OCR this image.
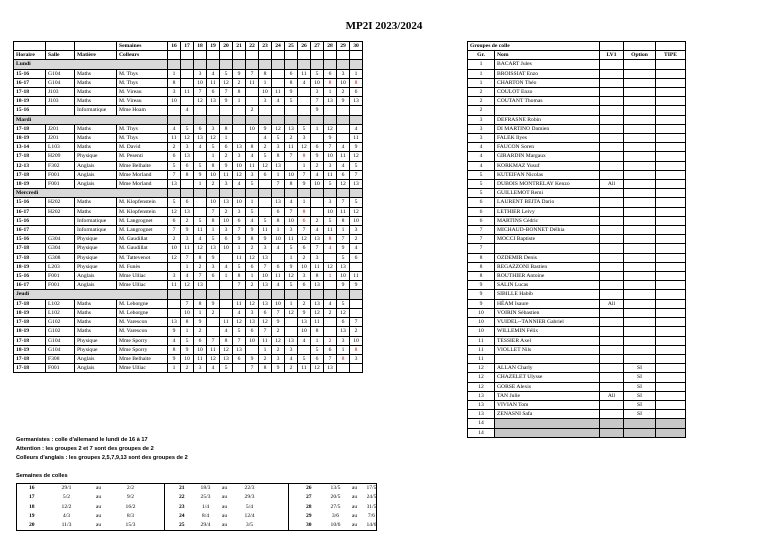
MP2I 2023/2024
			Semaines	16	17	18	19	20	21	22	23	24	25	26	27	28	29	30
Horaire	Salle	Matière	Colleurs															
Lundi																		
15-16	G104	Maths	M. Thys	1		3	4	5	9	7	8		6	11	5	6	3	1
16-17	G104	Maths	M. Thys	8		10	11	12	2	11	1		8	4	10	8	10	8
17-18	J103	Maths	M. Vireau	3	11	7	6	7	8		10	11	9		3	1	2	6
18-19	J103	Maths	M. Vireau	10		12	13	9	1		3	4	5		7	13	9	13
15-16		Informatique	Mme Hoam		4					2					9			
Mardi																		
17-18	J201	Maths	M. Thys	4	5	6	3	8		10	9	12	13	5	1	12		4
18-19	J201	Maths	M. Thys	11	12	13	12	1			4	5	2	3		9		11
13-14	L103	Maths	M. David	2	3	4	5	6	13	8	2	3	11	12	6	7	4	9
17-18	H209	Physique	M. Pesenti	6	13		1	2	3	4	5	8	7	8	9	10	11	12
12-13	F302	Anglais	Mme Belhaite	5	6	5	8	9	10	11	12	13		1	2	3	4	5
17-18	F001	Anglais	Mme Morland	7	8	9	10	11	12	3	6	1	10	7	4	11	6	7
18-19	F001	Anglais	Mme Morland	13		1	2	3	4	5		7	8	9	10	5	12	13
Mercredi																		
15-16	H202	Maths	M. Klopfenstein	5	6		10	13	10	1		13	4	1		3	7	5
16-17	H202	Maths	M. Klopfenstein	12	13		7	2	3	5		6	7	8		10	11	12
15-16		Informatique	M. Langrognet	6	2	5	8	10	6	4	5	8	10	6	2	5	8	10
16-17		Informatique	M. Langrognet	7	9	11	1	3	7	9	11	1	3	7	4	11	1	3
15-16	G304	Physique	M. Gaudillat	2	3	4	5	6	9	8	9	10	11	12	13	8	7	2
17-18	G304	Physique	M. Gaudillat	10	11	12	13	10	1	2	3	4	5	6	7	4	9	4
17-18	G308	Physique	M. Tattevenot	12	7	8	9		11	12	13		1	2	3		5	6
18-19	L203	Physique	M. Funès		1	2	3	4	5	6	7	6	9	10	11	12	13	
15-16	F001	Anglais	Mme Ulliac	3	4	7	6	1	8	1	10	11	12	3	8	1	10	11
16-17	F001	Anglais	Mme Ulliac	11	12	13			7	2	13	4	5	6	13		9	9
Jeudi																		
17-18	L102	Maths	M. Leborgne		7	8	9		11	12	13	10	1	2	13	4	5	
18-19	L102	Maths	M. Leborgne		10	1	2		4	3	6	7	12	9	12	2	12	
17-18	G102	Maths	M. Varescon	13	8	9		11	12	13	12	9		13	11		6	7
18-19	G102	Maths	M. Varescon	9	1	2		4	5	6	7	2		10	8		13	2
17-18	G104	Physique	Mme Sporry	4	5	6	7	8	7	10	11	12	13	4	1	2	3	10
18-19	G104	Physique	Mme Sporry	8	9	10	11	12	13		1	2	3		5	6	1	8
17-18	F308	Anglais	Mme Belhaite	9	10	11	12	13	6	9	2	3	4	5	6	7	8	3
17-18	F001	Anglais	Mme Ulliac	1	2	3	4	5		7	8	9	2	11	12	13		
Germanistes : colle d'allemand le lundi de 16 à 17
Attention : les groupes 2 et 7 sont des groupes de 2
Colleurs d'anglais : les groupes 2,5,7,9,13 sont des groupes de 2
Semaines de colles
16	29/1	au	2/2		21	18/3	au	22/3		26	13/5	au	17/5
17	5/2	au	9/2		22	25/3	au	29/3		27	20/5	au	24/5
18	12/2	au	16/2		23	1/4	au	5/4		28	27/5	au	31/5
19	4/3	au	8/3		24	8/4	au	12/4		29	3/6	au	7/6
20	11/3	au	15/3		25	29/4	au	3/5		30	10/6	au	14/6
Groupes de colle				
Gr.	Nom	LV1	Option	TIPE
1	BACART Jules			
1	BROISSIAT Enzo			
1	CHARTON Théo			
2	COULOT Enzo			
2	COUTANT Thomas			
2				
3	DEFRASNE Robin			
3	DI MARTINO Damien			
3	FALEK Ilyes			
4	FAUCON Soren			
4	GIRARDIN Margaux			
4	KORKMAZ Yusuf			
5	KUTEIFAN Nicolas			
5	DUBOIS MONTRELAY Kenzo	All		
5	GUILLEMOT Remi			
6	LAURENT BEITA Dario			
6	LETHIER Leivy			
6	MARTINS Cédric			
7	MICHAUD-BONNET Délhia			
7	MOCCI Baptiste			
7				
8	OZDEMIR Denis			
8	REGAZZONI Bastien			
8	ROUTHIER Antoine			
9	SALIN Lucas			
9	SIBILLE Habib			
9	HÉAM Isaure	All		
10	VOIRIN Sébastien			
10	VUIDEL--TANNIER Gabriel			
10	WILLEMIN Félix			
11	TESSIER Axel			
11	VIOLLET Nils			
11				
12	ALLAN Charly		SI	
12	CHAZELET Ulysse		SI	
12	GORSE Alexis		SI	
13	TAN Julie	All	SI	
13	VIVIAN Tom		SI	
13	ZENASNI Safa		SI	
14				
14				
